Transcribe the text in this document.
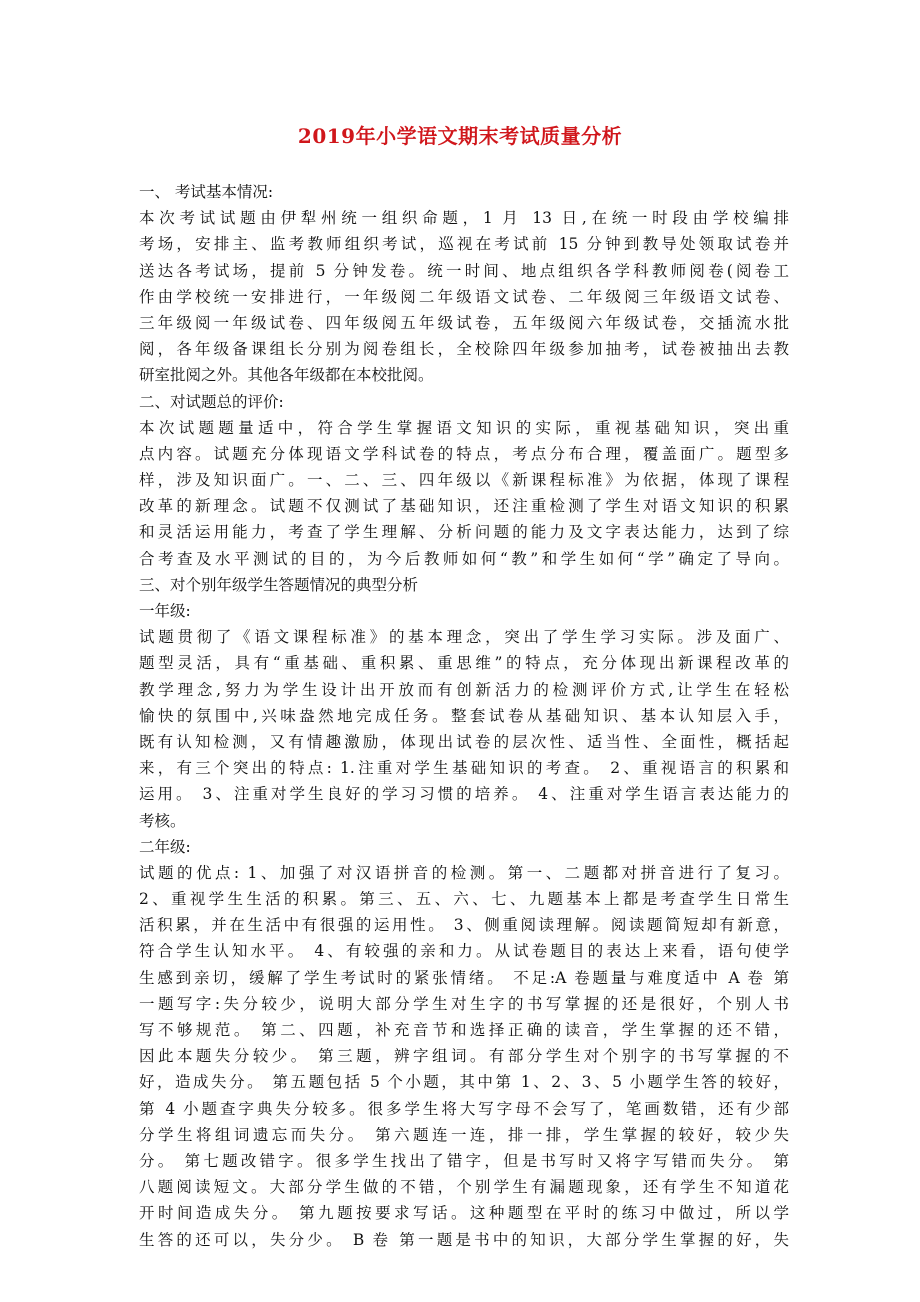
2019年小学语文期末考试质量分析
一、 考试基本情况:
本次考试试题由伊犁州统一组织命题，1 月 13 日,在统一时段由学校编排
考场，安排主、监考教师组织考试，巡视在考试前 15 分钟到教导处领取试卷并
送达各考试场，提前 5 分钟发卷。统一时间、地点组织各学科教师阅卷(阅卷工
作由学校统一安排进行，一年级阅二年级语文试卷、二年级阅三年级语文试卷、
三年级阅一年级试卷、四年级阅五年级试卷，五年级阅六年级试卷，交插流水批
阅，各年级备课组长分别为阅卷组长，全校除四年级参加抽考，试卷被抽出去教
研室批阅之外。其他各年级都在本校批阅。
二、对试题总的评价:
本次试题题量适中，符合学生掌握语文知识的实际，重视基础知识，突出重
点内容。试题充分体现语文学科试卷的特点，考点分布合理，覆盖面广。题型多
样，涉及知识面广。一、二、三、四年级以《新课程标准》为依据，体现了课程
改革的新理念。试题不仅测试了基础知识，还注重检测了学生对语文知识的积累
和灵活运用能力，考查了学生理解、分析问题的能力及文字表达能力，达到了综
合考查及水平测试的目的，为今后教师如何“教”和学生如何“学”确定了导向。
三、对个别年级学生答题情况的典型分析
一年级:
试题贯彻了《语文课程标准》的基本理念，突出了学生学习实际。涉及面广、
题型灵活，具有“重基础、重积累、重思维”的特点，充分体现出新课程改革的
教学理念,努力为学生设计出开放而有创新活力的检测评价方式,让学生在轻松
愉快的氛围中,兴味盎然地完成任务。整套试卷从基础知识、基本认知层入手，
既有认知检测，又有情趣激励，体现出试卷的层次性、适当性、全面性，概括起
来，有三个突出的特点: 1.注重对学生基础知识的考查。 2、重视语言的积累和
运用。 3、注重对学生良好的学习习惯的培养。 4、注重对学生语言表达能力的
考核。
二年级:
试题的优点: 1、加强了对汉语拼音的检测。第一、二题都对拼音进行了复习。
2、重视学生生活的积累。第三、五、六、七、九题基本上都是考查学生日常生
活积累，并在生活中有很强的运用性。 3、侧重阅读理解。阅读题简短却有新意，
符合学生认知水平。 4、有较强的亲和力。从试卷题目的表达上来看，语句使学
生感到亲切，缓解了学生考试时的紧张情绪。 不足:A 卷题量与难度适中 A 卷 第
一题写字:失分较少，说明大部分学生对生字的书写掌握的还是很好，个别人书
写不够规范。 第二、四题，补充音节和选择正确的读音，学生掌握的还不错，
因此本题失分较少。 第三题，辨字组词。有部分学生对个别字的书写掌握的不
好，造成失分。 第五题包括 5 个小题，其中第 1、2、3、5 小题学生答的较好，
第 4 小题查字典失分较多。很多学生将大写字母不会写了，笔画数错，还有少部
分学生将组词遗忘而失分。 第六题连一连，排一排，学生掌握的较好，较少失
分。 第七题改错字。很多学生找出了错字，但是书写时又将字写错而失分。 第
八题阅读短文。大部分学生做的不错，个别学生有漏题现象，还有学生不知道花
开时间造成失分。 第九题按要求写话。这种题型在平时的练习中做过，所以学
生答的还可以，失分少。 B 卷 第一题是书中的知识，大部分学生掌握的好，失
